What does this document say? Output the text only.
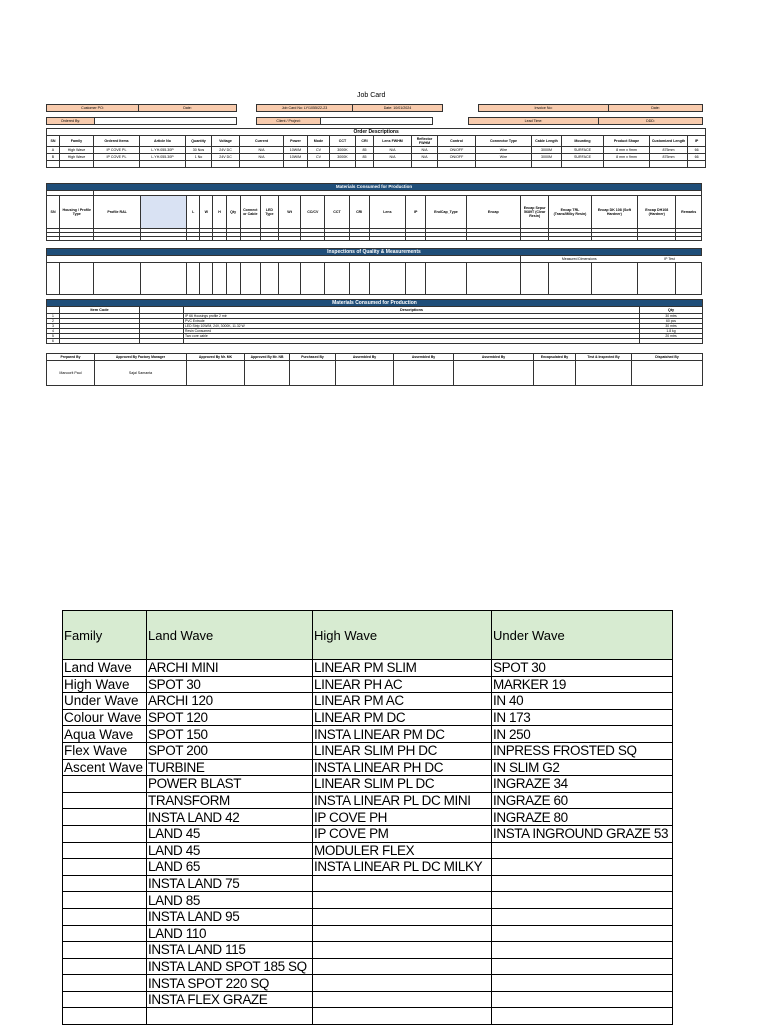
Job Card
Customer PO:	Date:		Job Card No: LY/1055/22-23	Date: 10/01/2024		Invoice No:	Date:
Ordered By:			Client / Project:			Lead Time:	DDD:
Order Descriptions																			
SN	Family	Ordered Items	Article No	Quantity	Voltage	Current	Power	Mode	CCT	CRI	Lens FWHM	Reflector FWHM	Control	Connector Type	Cable Length	Mounting	Product Shape	Customized Length	IP
A	High Wave	IP COVE PL	L.YH.055.30P	30 Nos	24V DC	N/A	10W/M	CV	3000K	85	N/A	N/A	ON/OFF	Wire	3000M	SURFACE	8 mm x 9mm	875mm	66
B	High Wave	IP COVE PL	L.YH.055.30P	1 No	24V DC	N/A	10W/M	CV	3000K	85	N/A	N/A	ON/OFF	Wire	3000M	SURFACE	8 mm x 9mm	875mm	66

Materials Consumed for Production																						

SN	Housing / Profile Type	Profile RAL		L	W	H	Qty	Connect or Cable	LED Type	Wt	CC/CV	CCT	CRI	Lens	IP	EndCap_Type	Encap	Encap Sepur 5689T (Clear Resin)	Encap TRL (Trans/Milky Resin)	Encap DK 108 (Soft Hardner)	Encap DH108 (Hardner)	Remarks

Inspections of Quality & Measurements																						
																		Measured Dimensions			IP Test	

Materials Consumed for Production				
	Item Code		Descriptions	Qty
1			IP 66 Housings profile 2 mtr	30 mtrs
2			PVC Extrude	60 pcs
3			LED Strip 10W/M, 24V, 3000K, 11.32 W	30 mtrs
4			Resin Consumed	1.8 kg
5			Two core cable	20 mtrs
6				
Prepared By	Approved By Factory Manager	Approved By Mr. MK	Approved By Mr. NB	Purchased By	Assembled By	Assembled By	Assembled By	Encapsulated By	Test & Inspected By	Dispatched By
Manoorit Paul	Sajal Samanta									
Family	Land Wave	High Wave	Under Wave
Land Wave	ARCHI MINI	LINEAR PM SLIM	SPOT 30
High Wave	SPOT 30	LINEAR PH AC	MARKER 19
Under Wave	ARCHI 120	LINEAR PM AC	IN 40
Colour Wave	SPOT 120	LINEAR PM DC	IN 173
Aqua Wave	SPOT 150	INSTA LINEAR PM DC	IN 250
Flex Wave	SPOT 200	LINEAR SLIM PH DC	INPRESS FROSTED SQ
Ascent Wave	TURBINE	INSTA LINEAR PH DC	IN SLIM G2
	POWER BLAST	LINEAR SLIM PL DC	INGRAZE 34
	TRANSFORM	INSTA LINEAR PL DC MINI	INGRAZE 60
	INSTA LAND 42	IP COVE PH	INGRAZE 80
	LAND 45	IP COVE PM	INSTA INGROUND GRAZE 53
	LAND 45	MODULER FLEX	
	LAND 65	INSTA LINEAR PL DC MILKY	
	INSTA LAND 75		
	LAND 85		
	INSTA LAND 95		
	LAND 110		
	INSTA LAND 115		
	INSTA LAND SPOT 185 SQ		
	INSTA SPOT 220 SQ		
	INSTA FLEX GRAZE		
